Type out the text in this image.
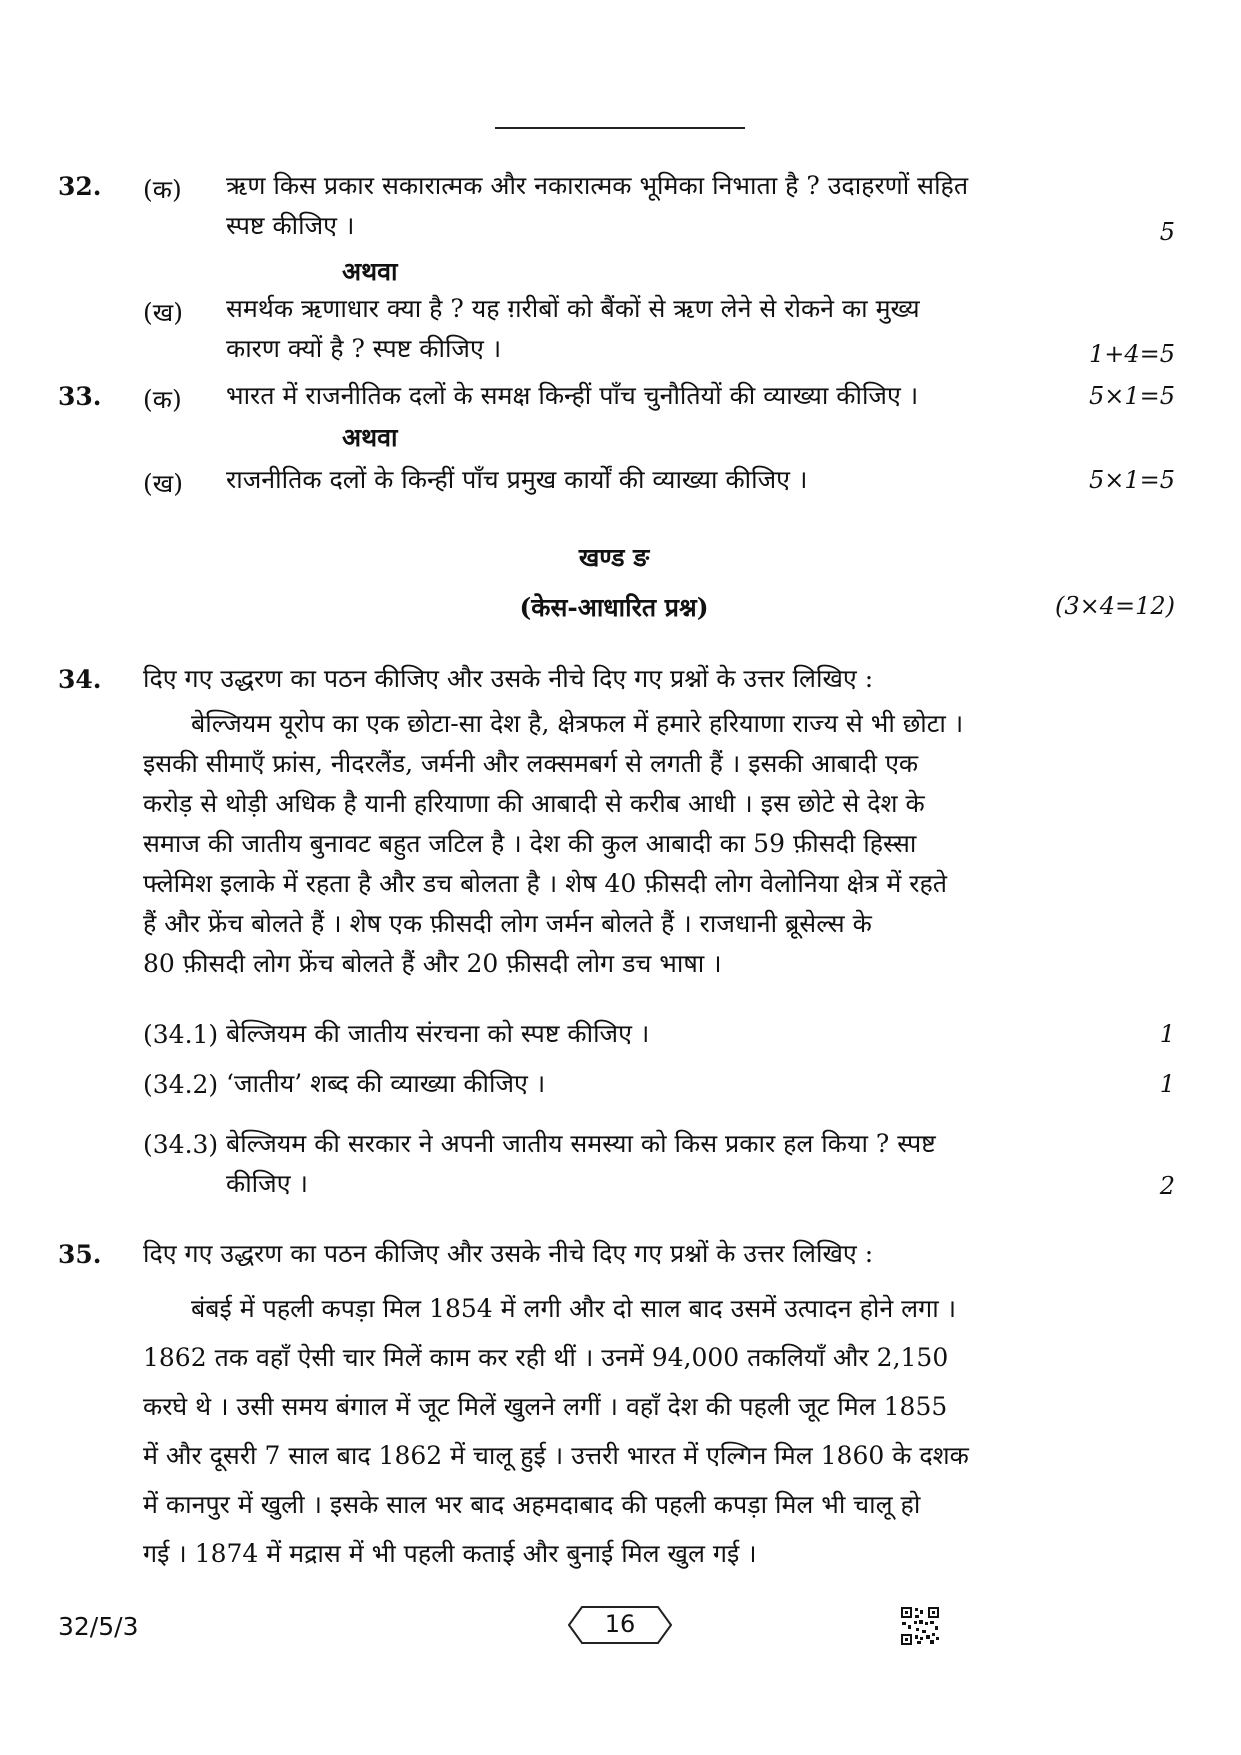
32. (क) ऋण किस प्रकार सकारात्मक और नकारात्मक भूमिका निभाता है ? उदाहरणों सहित
स्पष्ट कीजिए ।	5
अथवा
(ख) समर्थक ऋणाधार क्या है ? यह ग़रीबों को बैंकों से ऋण लेने से रोकने का मुख्य
कारण क्यों है ? स्पष्ट कीजिए ।	1+4=5
33. (क) भारत में राजनीतिक दलों के समक्ष किन्हीं पाँच चुनौतियों की व्याख्या कीजिए ।	5×1=5
अथवा
(ख) राजनीतिक दलों के किन्हीं पाँच प्रमुख कार्यों की व्याख्या कीजिए ।	5×1=5
खण्ड ङ
(केस-आधारित प्रश्न)	(3×4=12)
34. दिए गए उद्धरण का पठन कीजिए और उसके नीचे दिए गए प्रश्नों के उत्तर लिखिए :
बेल्जियम यूरोप का एक छोटा-सा देश है, क्षेत्रफल में हमारे हरियाणा राज्य से भी छोटा ।
इसकी सीमाएँ फ्रांस, नीदरलैंड, जर्मनी और लक्समबर्ग से लगती हैं । इसकी आबादी एक
करोड़ से थोड़ी अधिक है यानी हरियाणा की आबादी से करीब आधी । इस छोटे से देश के
समाज की जातीय बुनावट बहुत जटिल है । देश की कुल आबादी का 59 फ़ीसदी हिस्सा
फ्लेमिश इलाके में रहता है और डच बोलता है । शेष 40 फ़ीसदी लोग वेलोनिया क्षेत्र में रहते
हैं और फ्रेंच बोलते हैं । शेष एक फ़ीसदी लोग जर्मन बोलते हैं । राजधानी ब्रूसेल्स के
80 फ़ीसदी लोग फ्रेंच बोलते हैं और 20 फ़ीसदी लोग डच भाषा ।
(34.1) बेल्जियम की जातीय संरचना को स्पष्ट कीजिए ।	1
(34.2) ‘जातीय’ शब्द की व्याख्या कीजिए ।	1
(34.3) बेल्जियम की सरकार ने अपनी जातीय समस्या को किस प्रकार हल किया ? स्पष्ट
कीजिए ।	2
35. दिए गए उद्धरण का पठन कीजिए और उसके नीचे दिए गए प्रश्नों के उत्तर लिखिए :
बंबई में पहली कपड़ा मिल 1854 में लगी और दो साल बाद उसमें उत्पादन होने लगा ।
1862 तक वहाँ ऐसी चार मिलें काम कर रही थीं । उनमें 94,000 तकलियाँ और 2,150
करघे थे । उसी समय बंगाल में जूट मिलें खुलने लगीं । वहाँ देश की पहली जूट मिल 1855
में और दूसरी 7 साल बाद 1862 में चालू हुई । उत्तरी भारत में एल्गिन मिल 1860 के दशक
में कानपुर में खुली । इसके साल भर बाद अहमदाबाद की पहली कपड़ा मिल भी चालू हो
गई । 1874 में मद्रास में भी पहली कताई और बुनाई मिल खुल गई ।
32/5/3	16
